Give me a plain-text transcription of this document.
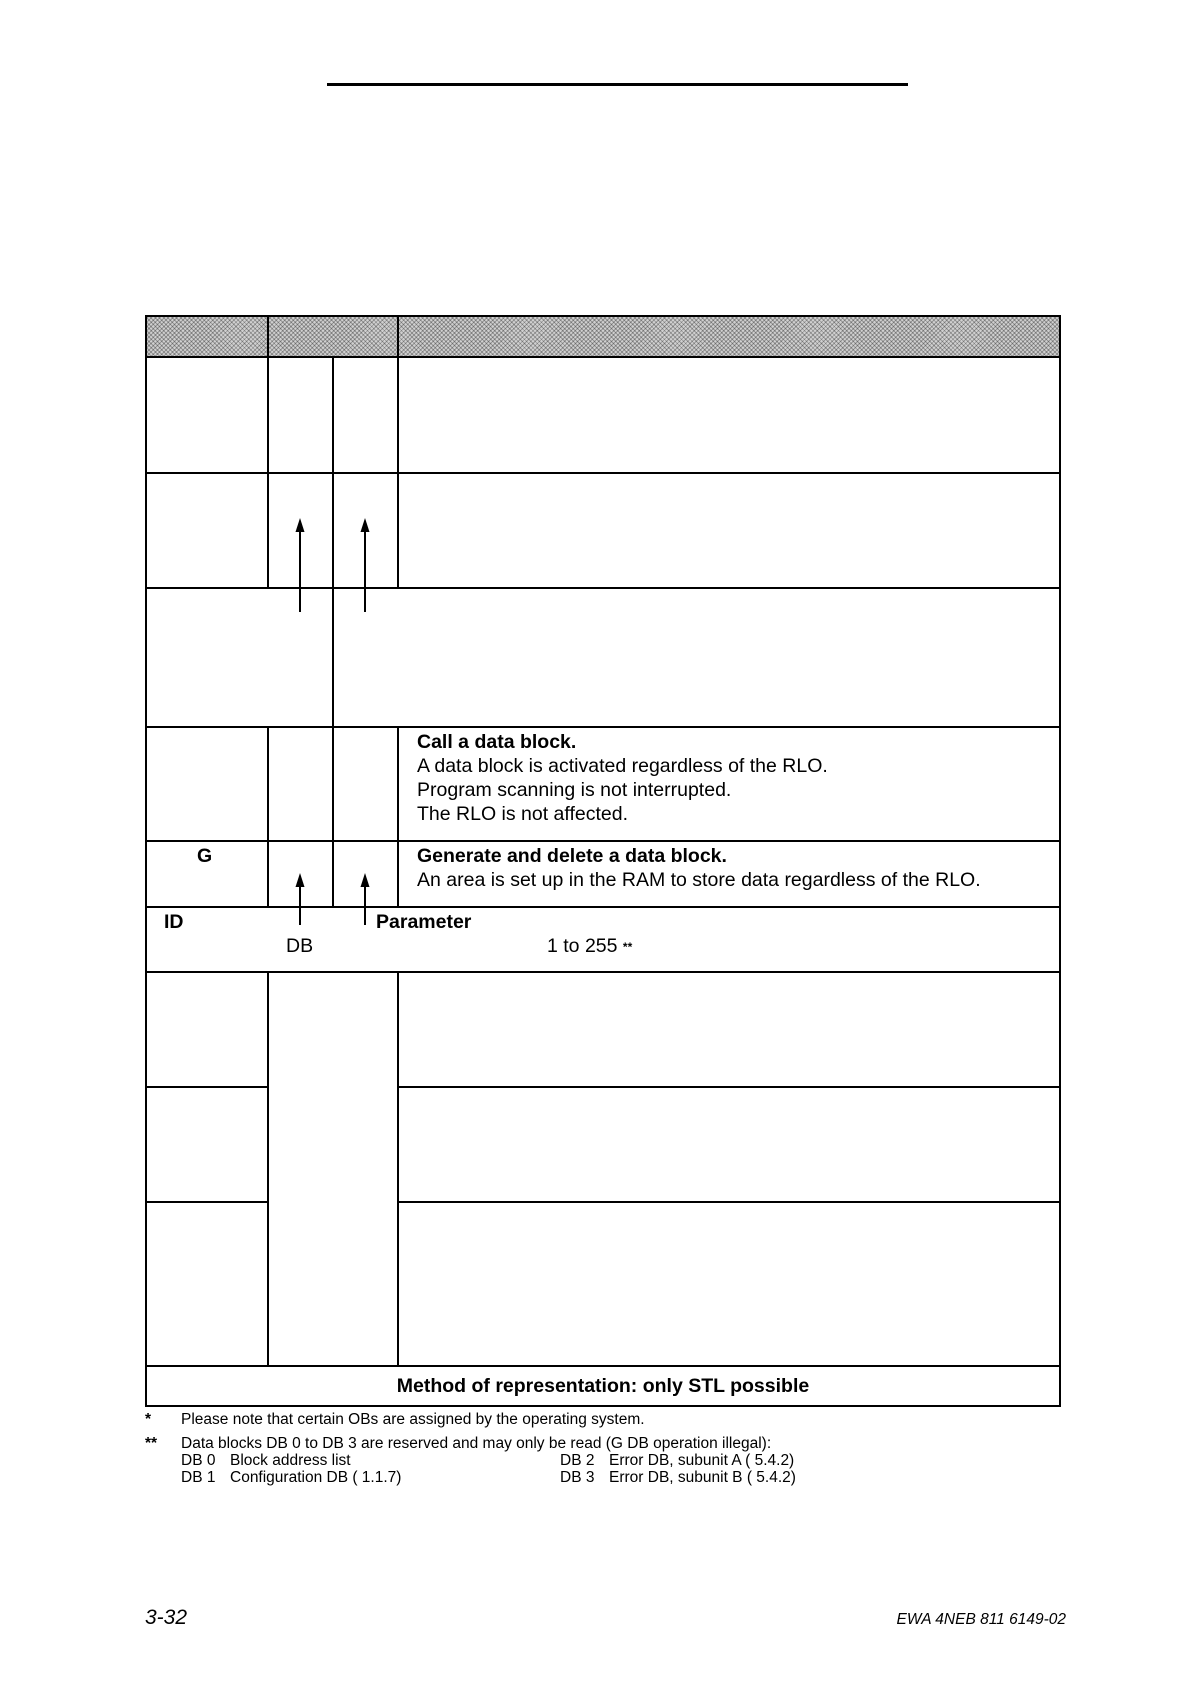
Call a data block.
A data block is activated regardless of the RLO.
Program scanning is not interrupted.
The RLO is not affected.
G	Generate and delete a data block.
An area is set up in the RAM to store data regardless of the RLO.
ID	Parameter
DB	1 to 255 **
Method of representation: only STL possible
* Please note that certain OBs are assigned by the operating system.
** Data blocks DB 0 to DB 3 are reserved and may only be read (G DB operation illegal):
DB 0 Block address list
DB 1 Configuration DB ( 1.1.7)
DB 2 Error DB, subunit A ( 5.4.2)
DB 3 Error DB, subunit B ( 5.4.2)
3-32	EWA 4NEB 811 6149-02
